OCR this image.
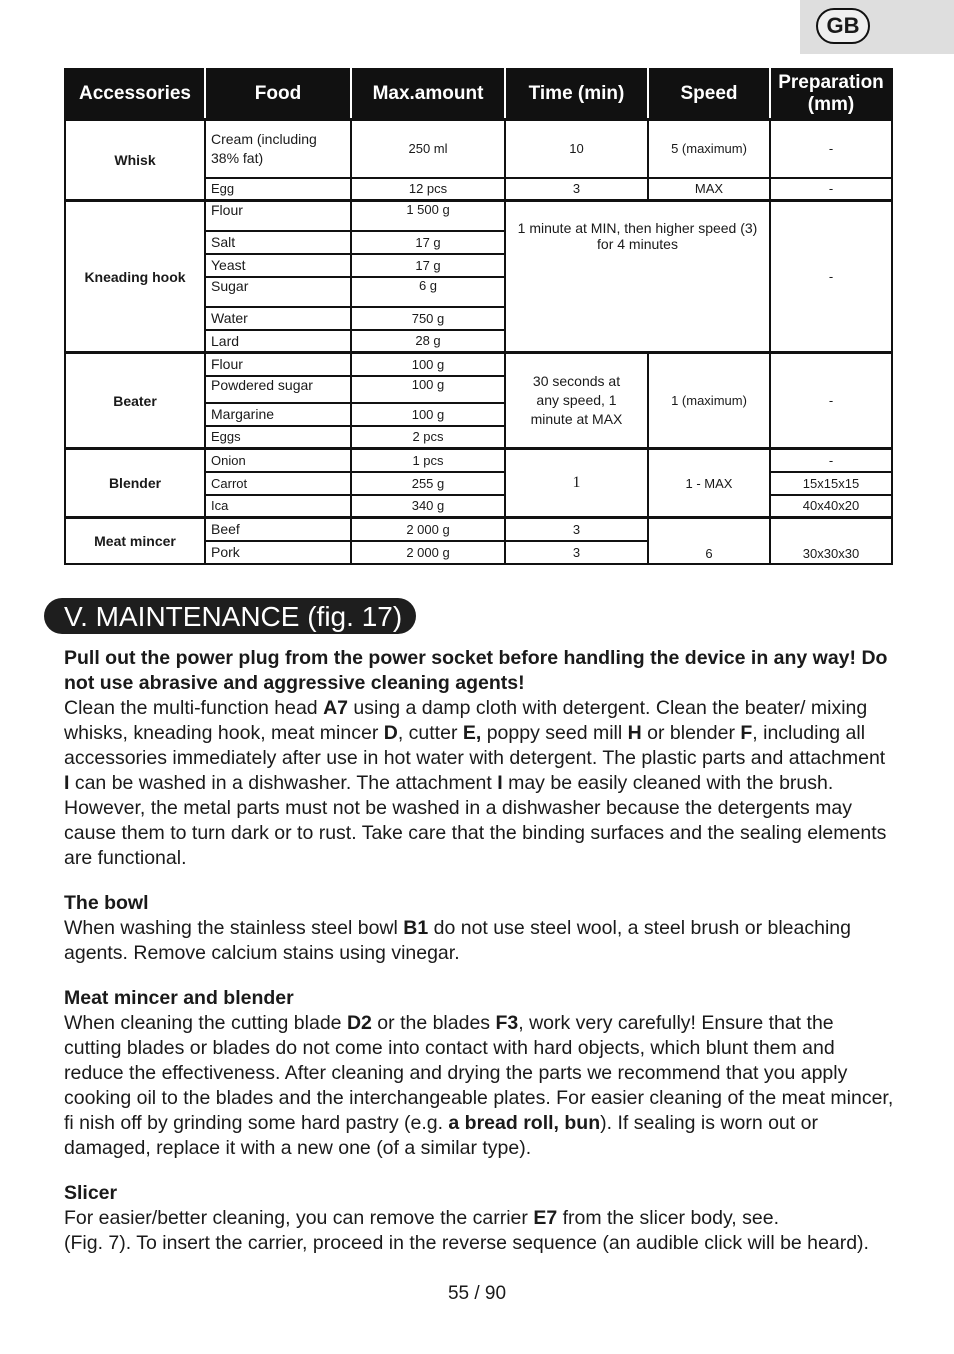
GB
Accessories	Food	Max.amount	Time (min)	Speed	Preparation (mm)
Whisk	Cream (including 38% fat)	250 ml	10	5 (maximum)	-
	Egg	12 pcs	3	MAX	-
Kneading hook	Flour	1 500 g	1 minute at MIN, then higher speed (3) for 4 minutes		-
	Salt	17 g			
	Yeast	17 g			
	Sugar	6 g			
	Water	750 g			
	Lard	28 g			
Beater	Flour	100 g	30 seconds at any speed, 1 minute at MAX	1 (maximum)	-
	Powdered sugar	100 g			
	Margarine	100 g			
	Eggs	2 pcs			
Blender	Onion	1 pcs	1	1 - MAX	-
	Carrot	255 g			15x15x15
	Ica	340 g			40x40x20
Meat mincer	Beef	2 000 g	3	6	30x30x30
	Pork	2 000 g	3		
V. MAINTENANCE (fig. 17)

Pull out the power plug from the power socket before handling the device in any way! Do not use abrasive and aggressive cleaning agents!

Clean the multi-function head A7 using a damp cloth with detergent. Clean the beater/ mixing whisks, kneading hook, meat mincer D, cutter E, poppy seed mill H or blender F, including all accessories immediately after use in hot water with detergent. The plastic parts and attachment I can be washed in a dishwasher. The attachment I may be easily cleaned with the brush. However, the metal parts must not be washed in a dishwasher because the detergents may cause them to turn dark or to rust. Take care that the binding surfaces and the sealing elements are functional.

The bowl

When washing the stainless steel bowl B1 do not use steel wool, a steel brush or bleaching agents. Remove calcium stains using vinegar.

Meat mincer and blender

When cleaning the cutting blade D2 or the blades F3, work very carefully! Ensure that the cutting blades or blades do not come into contact with hard objects, which blunt them and reduce the effectiveness. After cleaning and drying the parts we recommend that you apply cooking oil to the blades and the interchangeable plates. For easier cleaning of the meat mincer, fi nish off by grinding some hard pastry (e.g. a bread roll, bun). If sealing is worn out or damaged, replace it with a new one (of a similar type).

Slicer

For easier/better cleaning, you can remove the carrier E7 from the slicer body, see.

(Fig. 7). To insert the carrier, proceed in the reverse sequence (an audible click will be heard).

55 / 90
